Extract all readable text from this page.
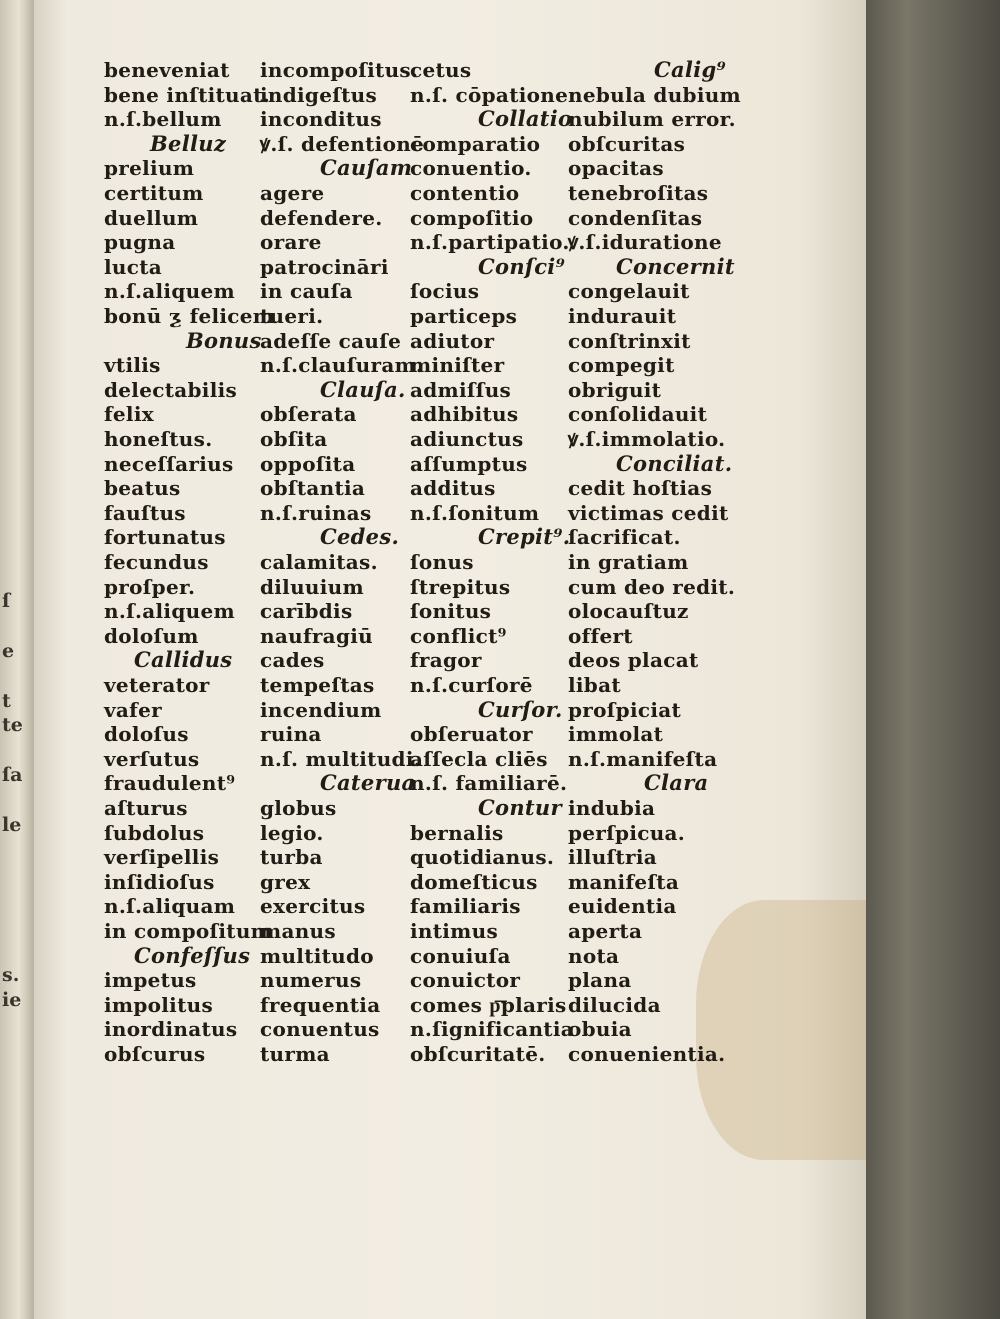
ſ
e
t
te
ſa
le
s.
ie
beneveniat
bene inſtituat.
n.ſ.bellum
Belluz
prelium
certitum
duellum
pugna
lucta
n.ſ.aliquem
bonū ƺ felicem
Bonus
vtilis
delectabilis
felix
honeſtus.
neceſſarius
beatus
fauſtus
fortunatus
fecundus
proſper.
n.ſ.aliquem
doloſum
Callidus
veterator
vafer
doloſus
verſutus
fraudulent⁹
aſturus
ſubdolus
verſipellis
inſidioſus
n.ſ.aliquam
in compoſitum
Confeſſus
impetus
impolitus
inordinatus
obſcurus
incompoſitus.
indigeſtus
inconditus
ꝟ.ſ. defentionē
Cauſam
agere
defendere.
orare
patrocināri
in cauſa
tueri.
adeſſe cauſe
n.ſ.clauſuram.
Clauſa.
obſerata
obſita
oppoſita
obſtantia
n.ſ.ruinas
Cedes.
calamitas.
diluuium
carībdis
naufragiū
cades
tempeſtas
incendium
ruina
n.ſ. multitudi.
Caterua
globus
legio.
turba
grex
exercitus
manus
multitudo
numerus
frequentia
conuentus
turma
cetus
n.ſ. cōpatione
Collatio
comparatio
conuentio.
contentio
compoſitio
n.ſ.partipatio.
Conſci⁹
ſocius
particeps
adiutor
miniſter
admiſſus
adhibitus
adiunctus
aſſumptus
additus
n.ſ.ſonitum
Crepit⁹.
ſonus
ſtrepitus
ſonitus
conflict⁹
fragor
n.ſ.curſorē
Curſor.
obſeruator
aſſecla cliēs
n.ſ. familiarē.
Contur
bernalis
quotidianus.
domeſticus
familiaris
intimus
conuiuſa
conuictor
comes p͞plaris
n.ſignificantia
obſcuritatē.
Calig⁹
nebula dubium
nubilum error.
obſcuritas
opacitas
tenebroſitas
condenſitas
ꝟ.ſ.iduratione
Concernit
congelauit
indurauit
conſtrinxit
compegit
obriguit
conſolidauit
ꝟ.ſ.immolatio.
Conciliat.
cedit hoſtias
victimas cedit
ſacrificat.
in gratiam
cum deo redit.
olocauſtuz
offert
deos placat
libat
proſpiciat
immolat
n.ſ.manifeſta
Clara
indubia
perſpicua.
illuſtria
manifeſta
euidentia
aperta
nota
plana
dilucida
obuia
conuenientia.
